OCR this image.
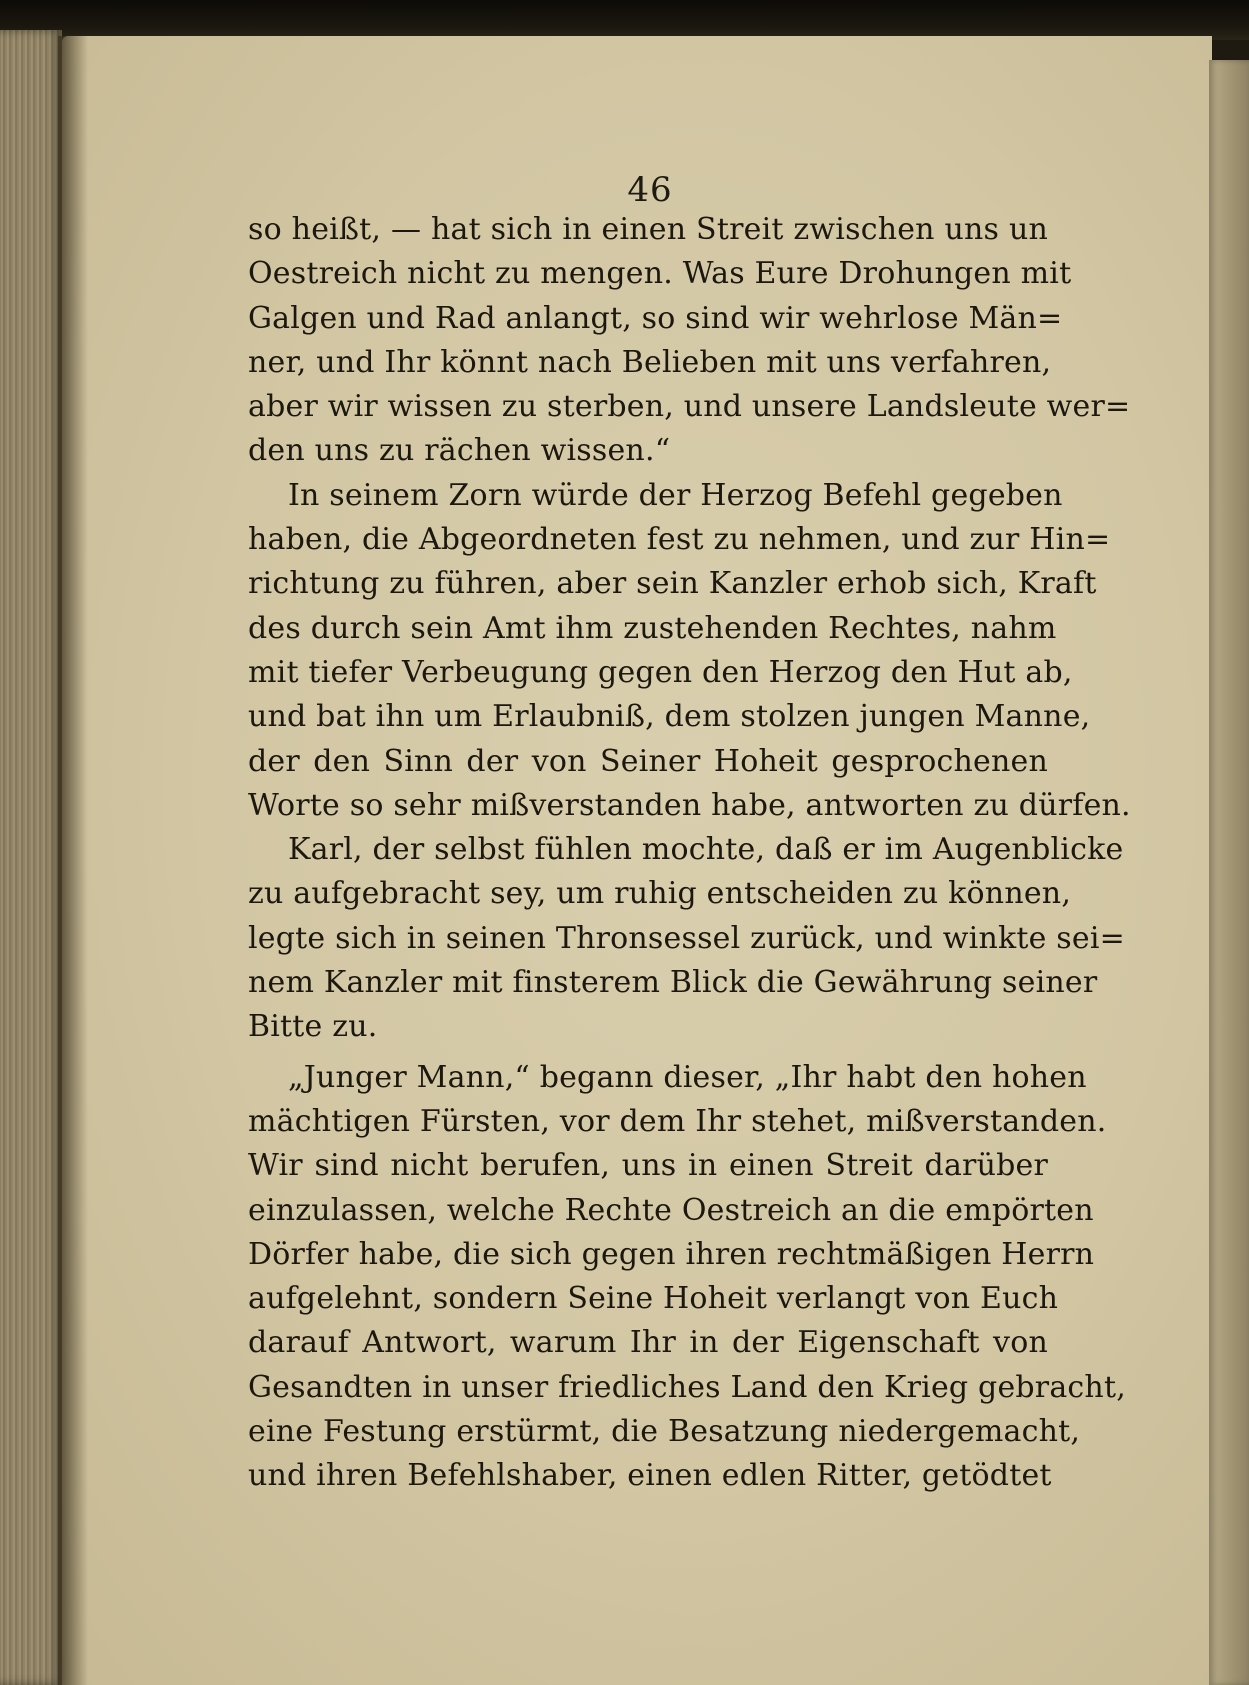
46
so heißt, — hat sich in einen Streit zwischen uns un
Oestreich nicht zu mengen. Was Eure Drohungen mit
Galgen und Rad anlangt, so sind wir wehrlose Män=
ner, und Ihr könnt nach Belieben mit uns verfahren,
aber wir wissen zu sterben, und unsere Landsleute wer=
den uns zu rächen wissen.“
In seinem Zorn würde der Herzog Befehl gegeben
haben, die Abgeordneten fest zu nehmen, und zur Hin=
richtung zu führen, aber sein Kanzler erhob sich, Kraft
des durch sein Amt ihm zustehenden Rechtes, nahm
mit tiefer Verbeugung gegen den Herzog den Hut ab,
und bat ihn um Erlaubniß, dem stolzen jungen Manne,
der den Sinn der von Seiner Hoheit gesprochenen
Worte so sehr mißverstanden habe, antworten zu dürfen.
Karl, der selbst fühlen mochte, daß er im Augenblicke
zu aufgebracht sey, um ruhig entscheiden zu können,
legte sich in seinen Thronsessel zurück, und winkte sei=
nem Kanzler mit finsterem Blick die Gewährung seiner
Bitte zu.
„Junger Mann,“ begann dieser, „Ihr habt den hohen
mächtigen Fürsten, vor dem Ihr stehet, mißverstanden.
Wir sind nicht berufen, uns in einen Streit darüber
einzulassen, welche Rechte Oestreich an die empörten
Dörfer habe, die sich gegen ihren rechtmäßigen Herrn
aufgelehnt, sondern Seine Hoheit verlangt von Euch
darauf Antwort, warum Ihr in der Eigenschaft von
Gesandten in unser friedliches Land den Krieg gebracht,
eine Festung erstürmt, die Besatzung niedergemacht,
und ihren Befehlshaber, einen edlen Ritter, getödtet
